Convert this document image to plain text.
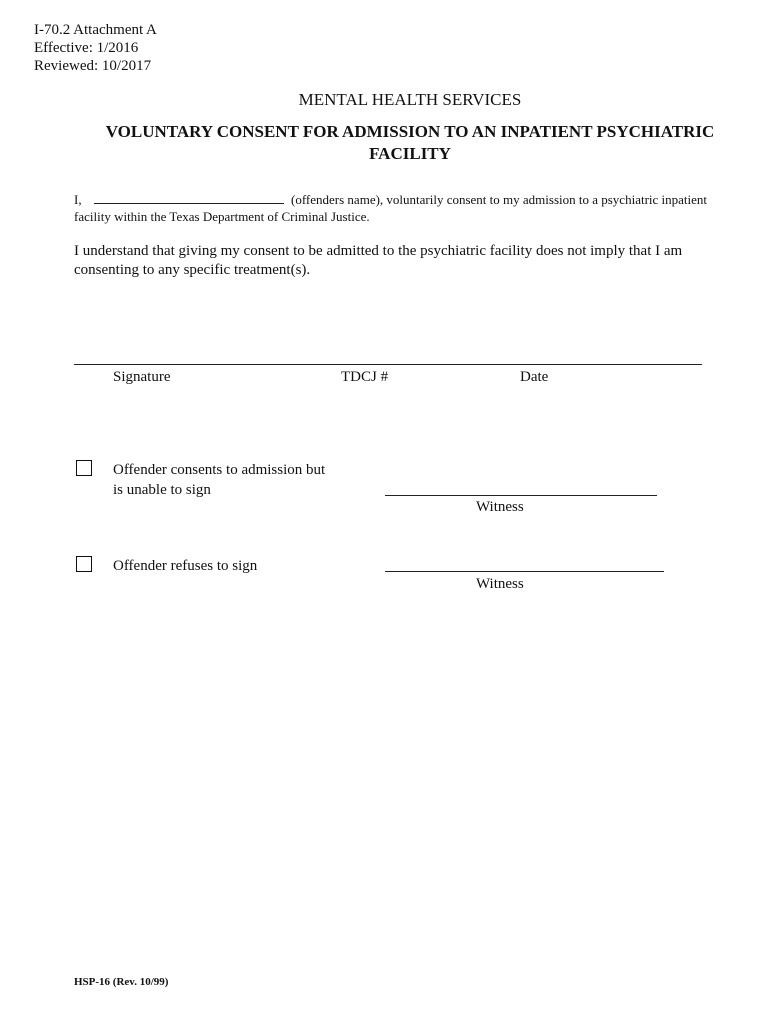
I-70.2 Attachment A
Effective: 1/2016
Reviewed: 10/2017
MENTAL HEALTH SERVICES
VOLUNTARY CONSENT FOR ADMISSION TO AN INPATIENT PSYCHIATRIC
FACILITY
I,	(offenders name), voluntarily consent to my admission to a psychiatric inpatient
facility within the Texas Department of Criminal Justice.
I understand that giving my consent to be admitted to the psychiatric facility does not imply that I am
consenting to any specific treatment(s).
Signature	TDCJ #	Date
Offender consents to admission but
is unable to sign
Witness
Offender refuses to sign
Witness
HSP-16 (Rev. 10/99)
